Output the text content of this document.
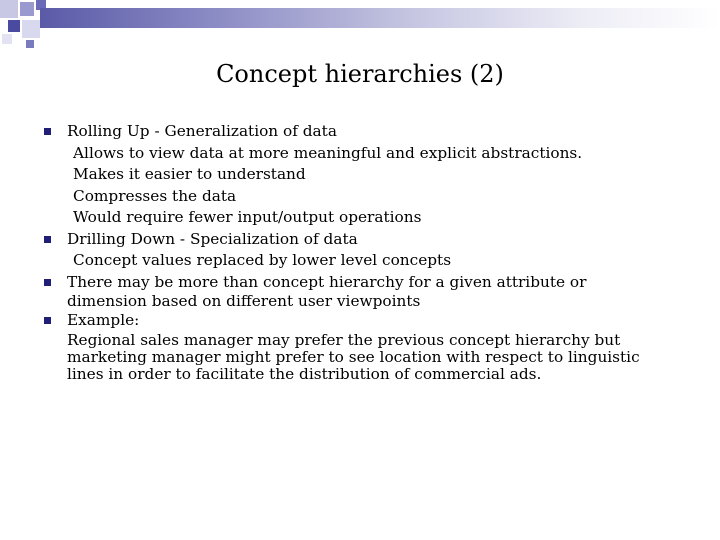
Concept hierarchies (2)
Rolling Up - Generalization of data
Allows to view data at more meaningful and explicit abstractions.
Makes it easier to understand
Compresses the data
Would require fewer input/output operations
Drilling Down - Specialization of data
Concept values replaced by lower level concepts
There may be more than concept hierarchy for a given attribute or
dimension based on different user viewpoints
Example:
Regional sales manager may prefer the previous concept hierarchy but
marketing manager might prefer to see location with respect to linguistic
lines in order to facilitate the distribution of commercial ads.
